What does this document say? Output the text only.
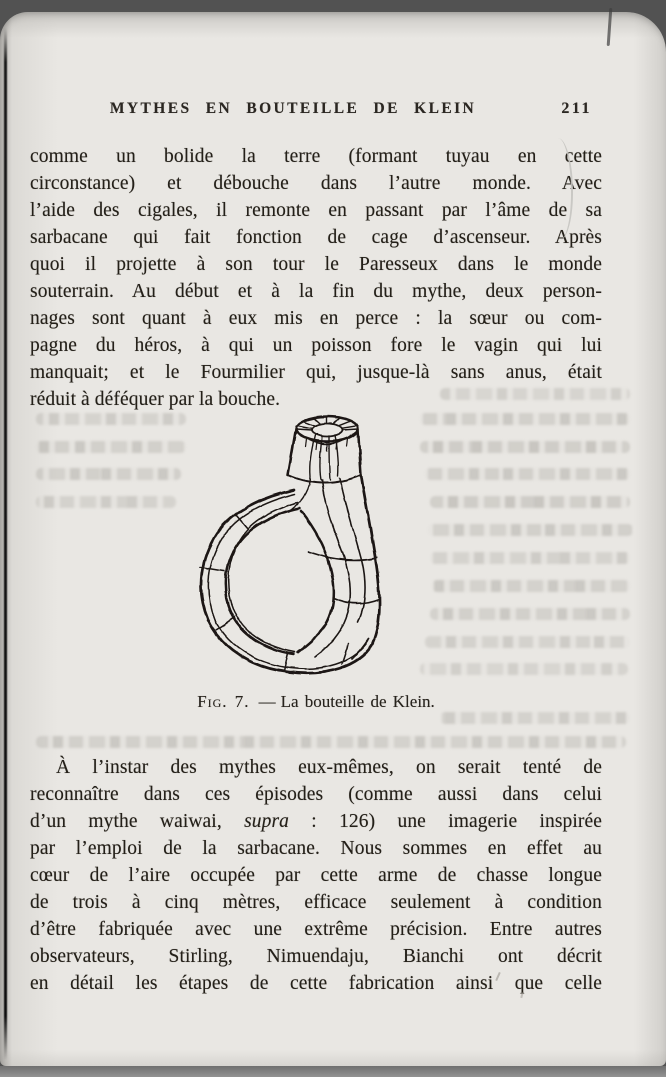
MYTHES EN BOUTEILLE DE KLEIN	211
comme un bolide la terre (formant tuyau en cette
circonstance) et débouche dans l’autre monde. Avec
l’aide des cigales, il remonte en passant par l’âme de sa
sarbacane qui fait fonction de cage d’ascenseur. Après
quoi il projette à son tour le Paresseux dans le monde
souterrain. Au début et à la fin du mythe, deux person-
nages sont quant à eux mis en perce : la sœur ou com-
pagne du héros, à qui un poisson fore le vagin qui lui
manquait; et le Fourmilier qui, jusque-là sans anus, était
réduit à déféquer par la bouche.
Fig. 7. — La bouteille de Klein.
À l’instar des mythes eux-mêmes, on serait tenté de
reconnaître dans ces épisodes (comme aussi dans celui
d’un mythe waiwai, supra : 126) une imagerie inspirée
par l’emploi de la sarbacane. Nous sommes en effet au
cœur de l’aire occupée par cette arme de chasse longue
de trois à cinq mètres, efficace seulement à condition
d’être fabriquée avec une extrême précision. Entre autres
observateurs, Stirling, Nimuendaju, Bianchi ont décrit
en détail les étapes de cette fabrication ainsi que celle
